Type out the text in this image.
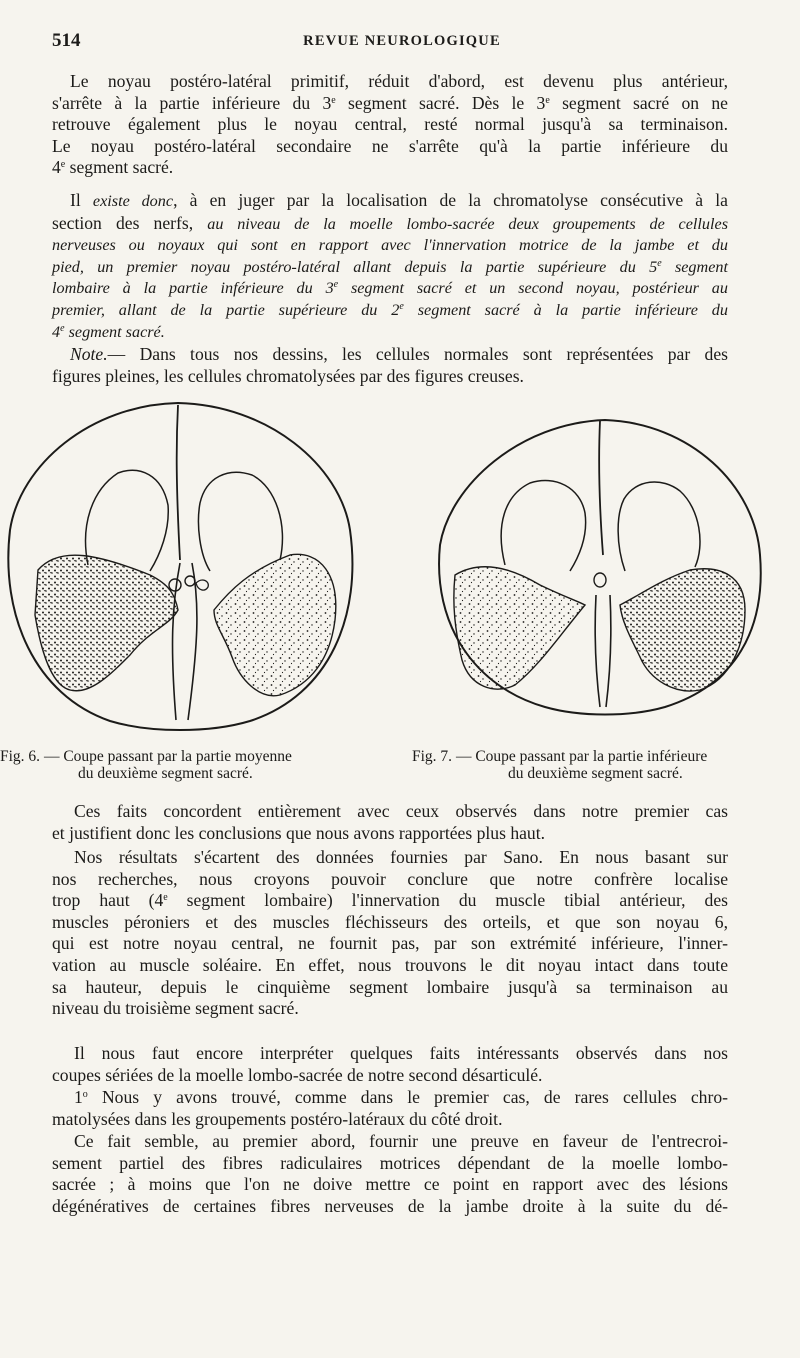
514	REVUE NEUROLOGIQUE

Le noyau postéro-latéral primitif, réduit d'abord, est devenu plus antérieur,

s'arrête à la partie inférieure du 3e segment sacré. Dès le 3e segment sacré on ne
retrouve également plus le noyau central, resté normal jusqu'à sa terminaison.
Le noyau postéro-latéral secondaire ne s'arrête qu'à la partie inférieure du
4e segment sacré.

Il existe donc, à en juger par la localisation de la chromatolyse consécutive à la
section des nerfs, au niveau de la moelle lombo-sacrée deux groupements de cellules
nerveuses ou noyaux qui sont en rapport avec l'innervation motrice de la jambe et du
pied, un premier noyau postéro-latéral allant depuis la partie supérieure du 5e segment
lombaire à la partie inférieure du 3e segment sacré et un second noyau, postérieur au
premier, allant de la partie supérieure du 2e segment sacré à la partie inférieure du
4e segment sacré.

Note.— Dans tous nos dessins, les cellules normales sont représentées par des
figures pleines, les cellules chromatolysées par des figures creuses.

Fig. 6. — Coupe passant par la partie moyenne
du deuxième segment sacré.
Fig. 7. — Coupe passant par la partie inférieure
du deuxième segment sacré.

Ces faits concordent entièrement avec ceux observés dans notre premier cas
et justifient donc les conclusions que nous avons rapportées plus haut.

Nos résultats s'écartent des données fournies par Sano. En nous basant sur
nos recherches, nous croyons pouvoir conclure que notre confrère localise
trop haut (4e segment lombaire) l'innervation du muscle tibial antérieur, des
muscles péroniers et des muscles fléchisseurs des orteils, et que son noyau 6,
qui est notre noyau central, ne fournit pas, par son extrémité inférieure, l'inner-
vation au muscle soléaire. En effet, nous trouvons le dit noyau intact dans toute
sa hauteur, depuis le cinquième segment lombaire jusqu'à sa terminaison au
niveau du troisième segment sacré.

Il nous faut encore interpréter quelques faits intéressants observés dans nos
coupes sériées de la moelle lombo-sacrée de notre second désarticulé.

1$^o$ Nous y avons trouvé, comme dans le premier cas, de rares cellules chro-
matolysées dans les groupements postéro-latéraux du côté droit.

Ce fait semble, au premier abord, fournir une preuve en faveur de l'entrecroi-
sement partiel des fibres radiculaires motrices dépendant de la moelle lombo-
sacrée ; à moins que l'on ne doive mettre ce point en rapport avec des lésions
dégénératives de certaines fibres nerveuses de la jambe droite à la suite du dé-
